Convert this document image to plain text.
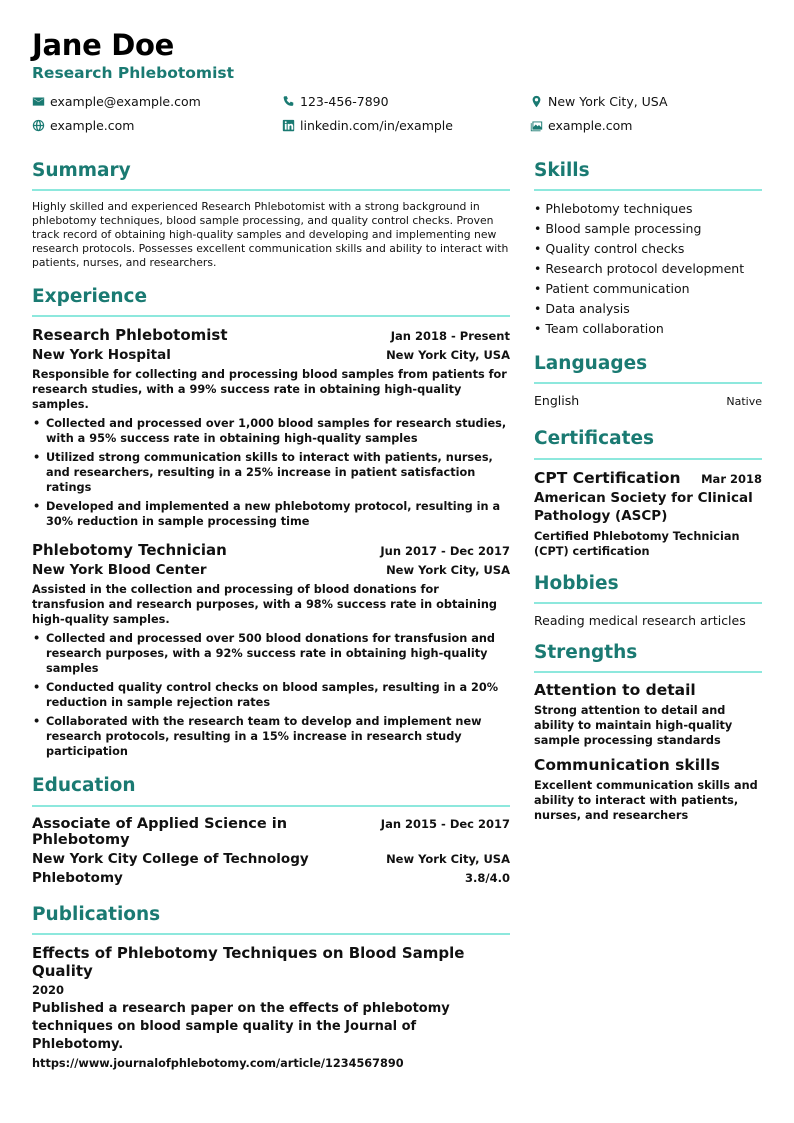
Jane Doe
Research Phlebotomist
example@example.com	123-456-7890	New York City, USA
example.com	linkedin.com/in/example	example.com
Summary

Highly skilled and experienced Research Phlebotomist with a strong background in phlebotomy techniques, blood sample processing, and quality control checks. Proven track record of obtaining high-quality samples and developing and implementing new research protocols. Possesses excellent communication skills and ability to interact with patients, nurses, and researchers.

Experience
Research Phlebotomist	Jan 2018 - Present
New York Hospital	New York City, USA

Responsible for collecting and processing blood samples from patients for research studies, with a 99% success rate in obtaining high-quality samples.

• Collected and processed over 1,000 blood samples for research studies, with a 95% success rate in obtaining high-quality samples
• Utilized strong communication skills to interact with patients, nurses, and researchers, resulting in a 25% increase in patient satisfaction ratings
• Developed and implemented a new phlebotomy protocol, resulting in a 30% reduction in sample processing time
Phlebotomy Technician	Jun 2017 - Dec 2017
New York Blood Center	New York City, USA

Assisted in the collection and processing of blood donations for transfusion and research purposes, with a 98% success rate in obtaining high-quality samples.

• Collected and processed over 500 blood donations for transfusion and research purposes, with a 92% success rate in obtaining high-quality samples
• Conducted quality control checks on blood samples, resulting in a 20% reduction in sample rejection rates
• Collaborated with the research team to develop and implement new research protocols, resulting in a 15% increase in research study participation
Education
Associate of Applied Science in Phlebotomy
Jan 2015 - Dec 2017
New York City College of Technology	New York City, USA
Phlebotomy	3.8/4.0
Publications
Effects of Phlebotomy Techniques on Blood Sample Quality
2020

Published a research paper on the effects of phlebotomy techniques on blood sample quality in the Journal of Phlebotomy.

https://www.journalofphlebotomy.com/article/1234567890
Skills
• Phlebotomy techniques
• Blood sample processing
• Quality control checks
• Research protocol development
• Patient communication
• Data analysis
• Team collaboration
Languages
English	Native
Certificates
CPT Certification Mar 2018
American Society for Clinical Pathology (ASCP)
Certified Phlebotomy Technician (CPT) certification
Hobbies
Reading medical research articles
Strengths
Attention to detail
Strong attention to detail and ability to maintain high-quality sample processing standards
Communication skills
Excellent communication skills and ability to interact with patients, nurses, and researchers
